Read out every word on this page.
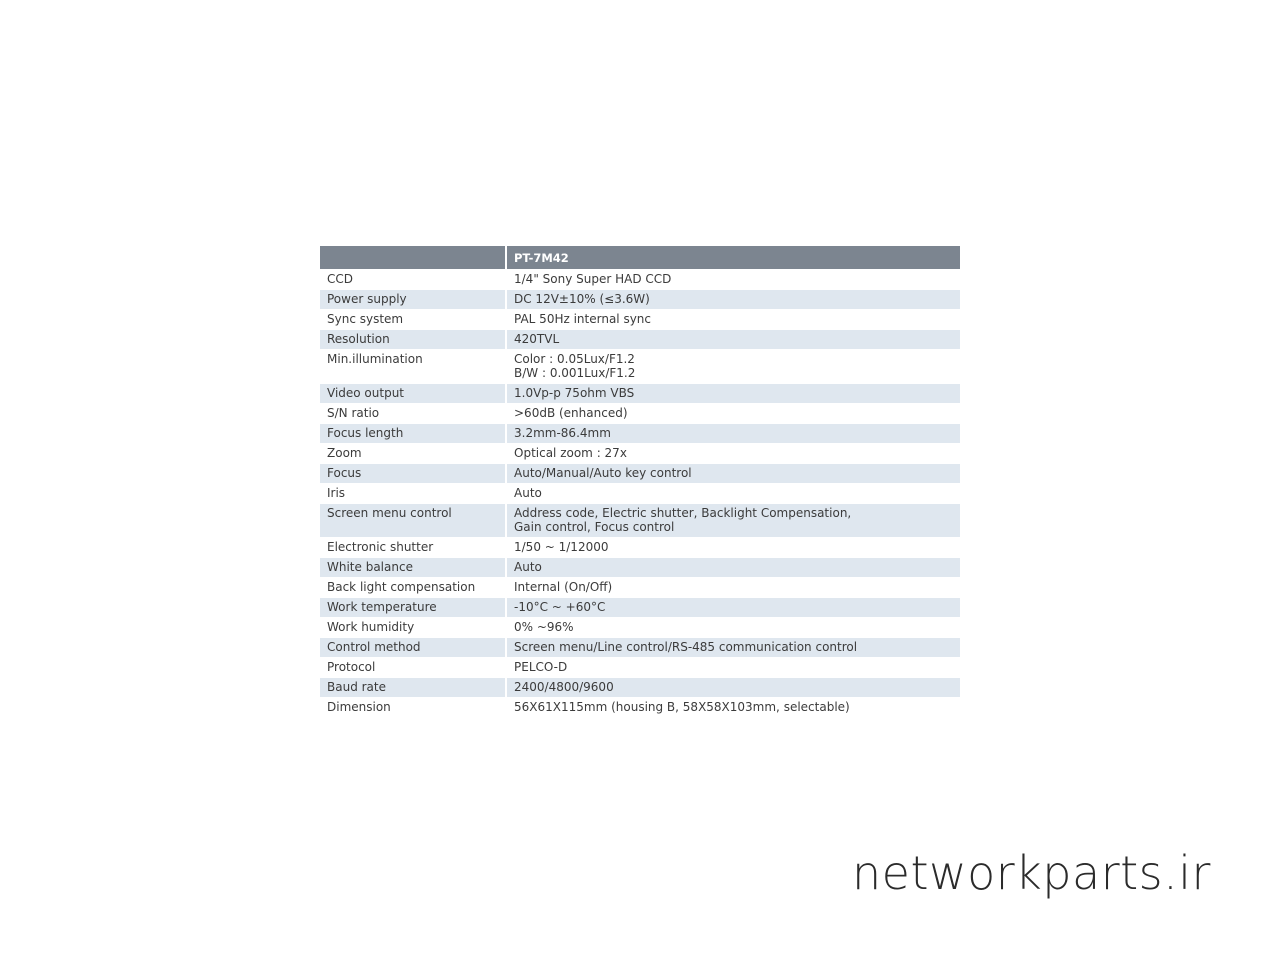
	PT-7M42
CCD	1/4" Sony Super HAD CCD
Power supply	DC 12V±10% (≤3.6W)
Sync system	PAL 50Hz internal sync
Resolution	420TVL
Min.illumination	Color : 0.05Lux/F1.2
B/W : 0.001Lux/F1.2
Video output	1.0Vp-p 75ohm VBS
S/N ratio	>60dB (enhanced)
Focus length	3.2mm-86.4mm
Zoom	Optical zoom : 27x
Focus	Auto/Manual/Auto key control
Iris	Auto
Screen menu control	Address code, Electric shutter, Backlight Compensation,
Gain control, Focus control
Electronic shutter	1/50 ~ 1/12000
White balance	Auto
Back light compensation	Internal (On/Off)
Work temperature	-10°C ~ +60°C
Work humidity	0% ~96%
Control method	Screen menu/Line control/RS-485 communication control
Protocol	PELCO-D
Baud rate	2400/4800/9600
Dimension	56X61X115mm (housing B, 58X58X103mm, selectable)
networkparts.ir
